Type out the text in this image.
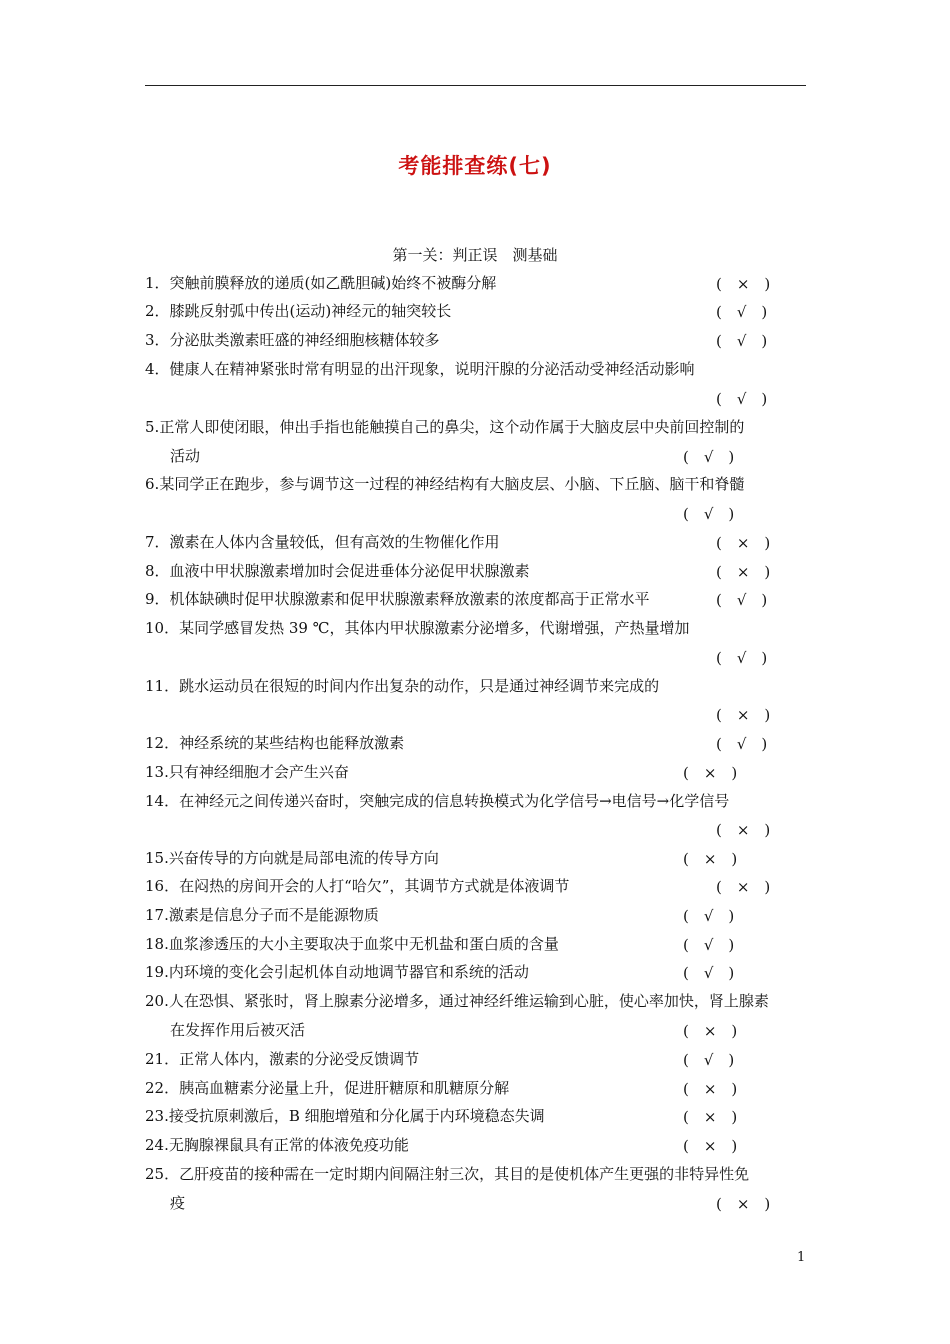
考能排查练(七)
第一关：判正误　测基础
1．突触前膜释放的递质(如乙酰胆碱)始终不被酶分解	(　×　)
2．膝跳反射弧中传出(运动)神经元的轴突较长	(　√　)
3．分泌肽类激素旺盛的神经细胞核糖体较多	(　√　)
4．健康人在精神紧张时常有明显的出汗现象，说明汗腺的分泌活动受神经活动影响
(　√　)
5.正常人即使闭眼，伸出手指也能触摸自己的鼻尖，这个动作属于大脑皮层中央前回控制的
活动	(　√　)
6.某同学正在跑步，参与调节这一过程的神经结构有大脑皮层、小脑、下丘脑、脑干和脊髓
(　√　)
7．激素在人体内含量较低，但有高效的生物催化作用	(　×　)
8．血液中甲状腺激素增加时会促进垂体分泌促甲状腺激素	(　×　)
9．机体缺碘时促甲状腺激素和促甲状腺激素释放激素的浓度都高于正常水平	(　√　)
10．某同学感冒发热 39 ℃，其体内甲状腺激素分泌增多，代谢增强，产热量增加
(　√　)
11．跳水运动员在很短的时间内作出复杂的动作，只是通过神经调节来完成的
(　×　)
12．神经系统的某些结构也能释放激素	(　√　)
13.只有神经细胞才会产生兴奋	(　×　)
14．在神经元之间传递兴奋时，突触完成的信息转换模式为化学信号→电信号→化学信号
(　×　)
15.兴奋传导的方向就是局部电流的传导方向	(　×　)
16．在闷热的房间开会的人打“哈欠”，其调节方式就是体液调节	(　×　)
17.激素是信息分子而不是能源物质	(　√　)
18.血浆渗透压的大小主要取决于血浆中无机盐和蛋白质的含量	(　√　)
19.内环境的变化会引起机体自动地调节器官和系统的活动	(　√　)
20.人在恐惧、紧张时，肾上腺素分泌增多，通过神经纤维运输到心脏，使心率加快，肾上腺素
在发挥作用后被灭活	(　×　)
21．正常人体内，激素的分泌受反馈调节	(　√　)
22．胰高血糖素分泌量上升，促进肝糖原和肌糖原分解	(　×　)
23.接受抗原刺激后，B 细胞增殖和分化属于内环境稳态失调	(　×　)
24.无胸腺裸鼠具有正常的体液免疫功能	(　×　)
25．乙肝疫苗的接种需在一定时期内间隔注射三次，其目的是使机体产生更强的非特异性免
疫	(　×　)
1
